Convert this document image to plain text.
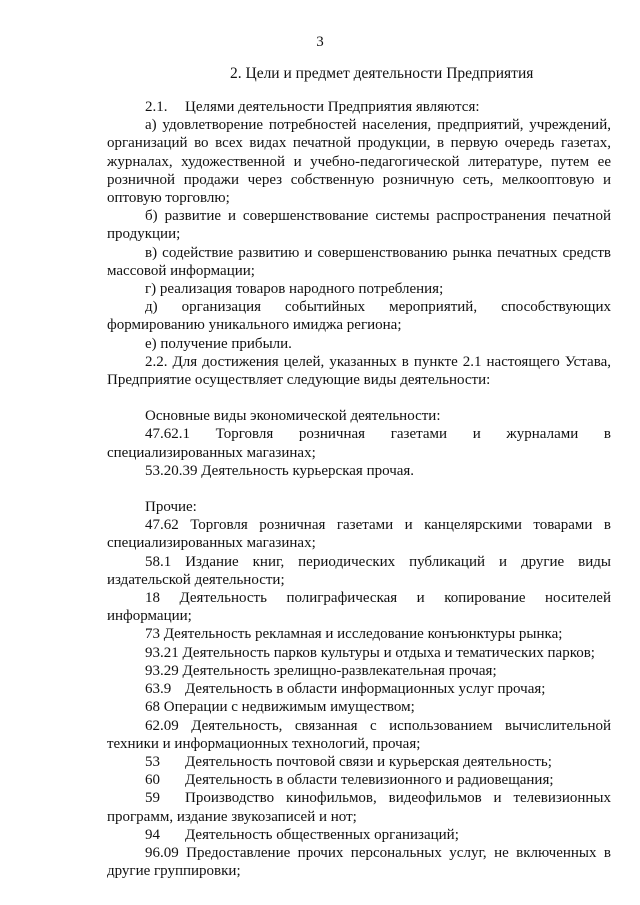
3
2. Цели и предмет деятельности Предприятия

2.1. Целями деятельности Предприятия являются:

а) удовлетворение потребностей населения, предприятий, учреждений, организаций во всех видах печатной продукции, в первую очередь газетах, журналах, художественной и учебно-педагогической литературе, путем ее розничной продажи через собственную розничную сеть, мелкооптовую и оптовую торговлю;

б) развитие и совершенствование системы распространения печатной продукции;

в) содействие развитию и совершенствованию рынка печатных средств массовой информации;

г) реализация товаров народного потребления;

д) организация событийных мероприятий, способствующих формированию уникального имиджа региона;

е) получение прибыли.

2.2. Для достижения целей, указанных в пункте 2.1 настоящего Устава, Предприятие осуществляет следующие виды деятельности:

Основные виды экономической деятельности:

47.62.1 Торговля розничная газетами и журналами в специализированных магазинах;

53.20.39 Деятельность курьерская прочая.

Прочие:

47.62 Торговля розничная газетами и канцелярскими товарами в специализированных магазинах;

58.1 Издание книг, периодических публикаций и другие виды издательской деятельности;

18 Деятельность полиграфическая и копирование носителей информации;

73 Деятельность рекламная и исследование конъюнктуры рынка;

93.21 Деятельность парков культуры и отдыха и тематических парков;

93.29 Деятельность зрелищно-развлекательная прочая;

63.9 Деятельность в области информационных услуг прочая;

68 Операции с недвижимым имуществом;

62.09 Деятельность, связанная с использованием вычислительной техники и информационных технологий, прочая;

53 Деятельность почтовой связи и курьерская деятельность;

60 Деятельность в области телевизионного и радиовещания;

59 Производство кинофильмов, видеофильмов и телевизионных программ, издание звукозаписей и нот;

94 Деятельность общественных организаций;

96.09 Предоставление прочих персональных услуг, не включенных в другие группировки;
